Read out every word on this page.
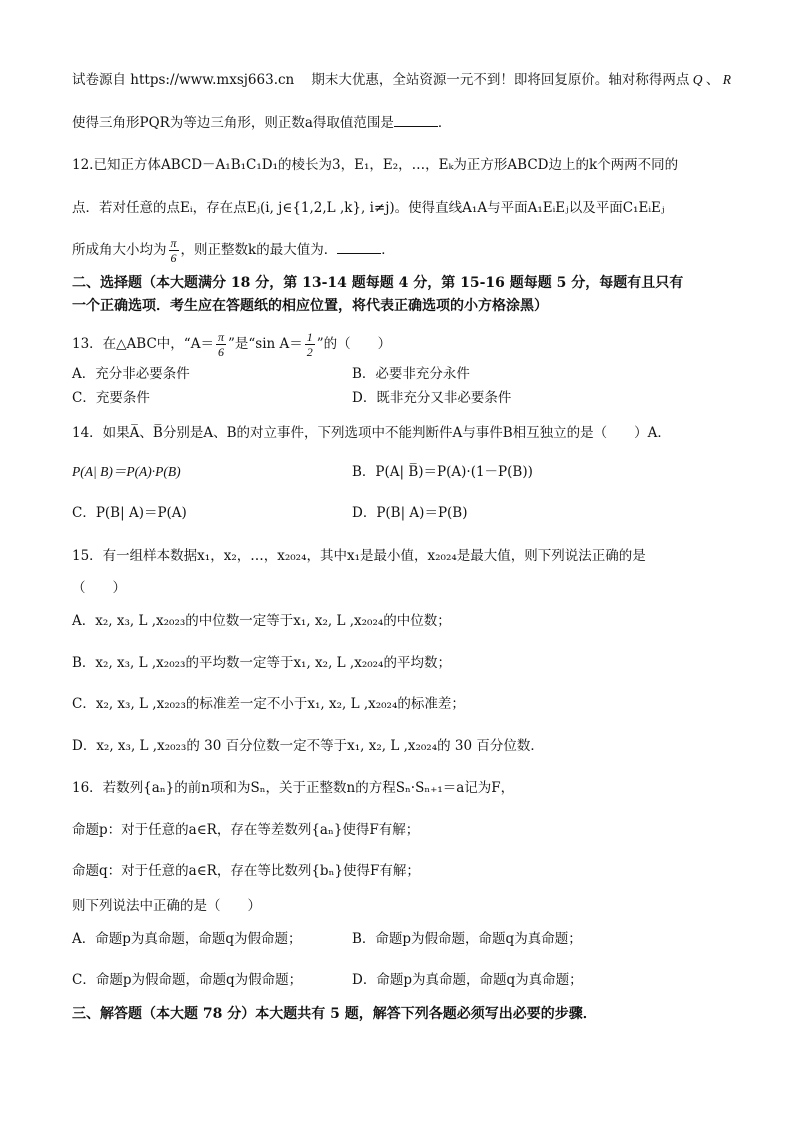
试卷源自 https://www.mxsj663.cn 期末大优惠，全站资源一元不到！即将回复原价。轴对称得两点 Q 、 R
使得三角形PQR为等边三角形，则正数a得取值范围是	．
12.已知正方体ABCD－A₁B₁C₁D₁的棱长为3，E₁，E₂，…，Eₖ为正方形ABCD边上的k个两两不同的
点．若对任意的点Eᵢ，存在点Eⱼ(i, j∈{1,2,L ,k}, i≠j)。使得直线A₁A与平面A₁EᵢEⱼ以及平面C₁EᵢEⱼ
所成角大小均为 $\frac{\pi}{6}$ ，则正整数k的最大值为．	．
二、选择题（本大题满分 18 分，第 13-14 题每题 4 分，第 15-16 题每题 5 分，每题有且只有
一个正确选项．考生应在答题纸的相应位置，将代表正确选项的小方格涂黑）
13．在△ABC中，“$A= \frac{\pi}{6}$ ”是“sin $A= \frac{1}{2}$ ”的（　　）
A．充分非必要条件	B．必要非充分永件
C．充要条件	D．既非充分又非必要条件
14．如果A̅、B̅分别是A、B的对立事件，下列选项中不能判断件A与事件B相互独立的是（　　）A．
P(A| B)＝P(A)·P(B)	B．P(A| B̅)＝P(A)·(1－P(B))
C．P(B| A)＝P(A)	D．P(B| A)＝P(B)
15．有一组样本数据x₁，x₂，…，x₂₀₂₄，其中x₁是最小值，x₂₀₂₄是最大值，则下列说法正确的是
（　　）
A．x₂, x₃, L ,x₂₀₂₃的中位数一定等于x₁, x₂, L ,x₂₀₂₄的中位数；
B．x₂, x₃, L ,x₂₀₂₃的平均数一定等于x₁, x₂, L ,x₂₀₂₄的平均数；
C．x₂, x₃, L ,x₂₀₂₃的标准差一定不小于x₁, x₂, L ,x₂₀₂₄的标准差；
D．x₂, x₃, L ,x₂₀₂₃的 30 百分位数一定不等于x₁, x₂, L ,x₂₀₂₄的 30 百分位数．
16．若数列{aₙ}的前n项和为Sₙ，关于正整数n的方程Sₙ·Sₙ₊₁＝a记为F，
命题p：对于任意的a∈R，存在等差数列{aₙ}使得F有解；
命题q：对于任意的a∈R，存在等比数列{bₙ}使得F有解；
则下列说法中正确的是（　　）
A．命题p为真命题，命题q为假命题；	B．命题p为假命题，命题q为真命题；
C．命题p为假命题，命题q为假命题；	D．命题p为真命题，命题q为真命题；
三、解答题（本大题 78 分）本大题共有 5 题，解答下列各题必须写出必要的步骤．
